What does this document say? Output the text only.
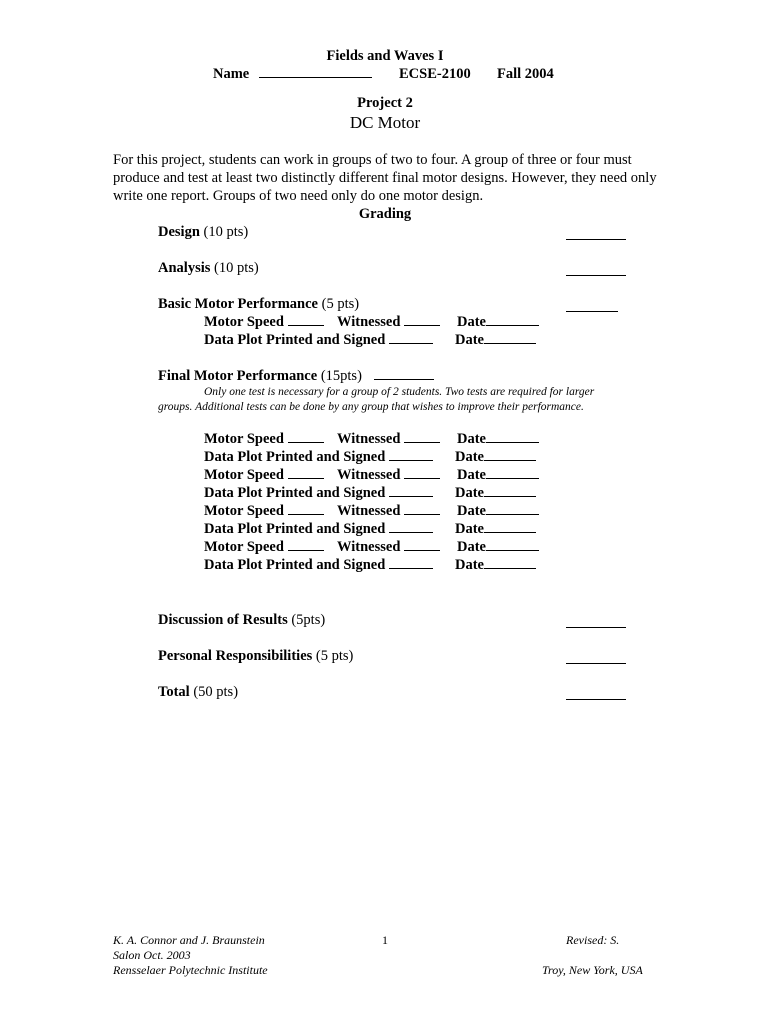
Fields and Waves I
Name	ECSE-2100 Fall 2004
Project 2
DC Motor
For this project, students can work in groups of two to four. A group of three or four must produce and test at least two distinctly different final motor designs. However, they need only write one report. Groups of two need only do one motor design.
Grading
Design (10 pts)
Analysis (10 pts)
Basic Motor Performance (5 pts)
Motor Speed	Witnessed	Date
Data Plot Printed and Signed	Date
Final Motor Performance (15pts)
Only one test is necessary for a group of 2 students. Two tests are required for larger
groups. Additional tests can be done by any group that wishes to improve their performance.
Motor Speed	Witnessed	Date
Data Plot Printed and Signed	Date
Motor Speed	Witnessed	Date
Data Plot Printed and Signed	Date
Motor Speed	Witnessed	Date
Data Plot Printed and Signed	Date
Motor Speed	Witnessed	Date
Data Plot Printed and Signed	Date
Discussion of Results (5pts)
Personal Responsibilities (5 pts)
Total (50 pts)
K. A. Connor and J. Braunstein	1	Revised: S.
Salon Oct. 2003
Rensselaer Polytechnic Institute	Troy, New York, USA
